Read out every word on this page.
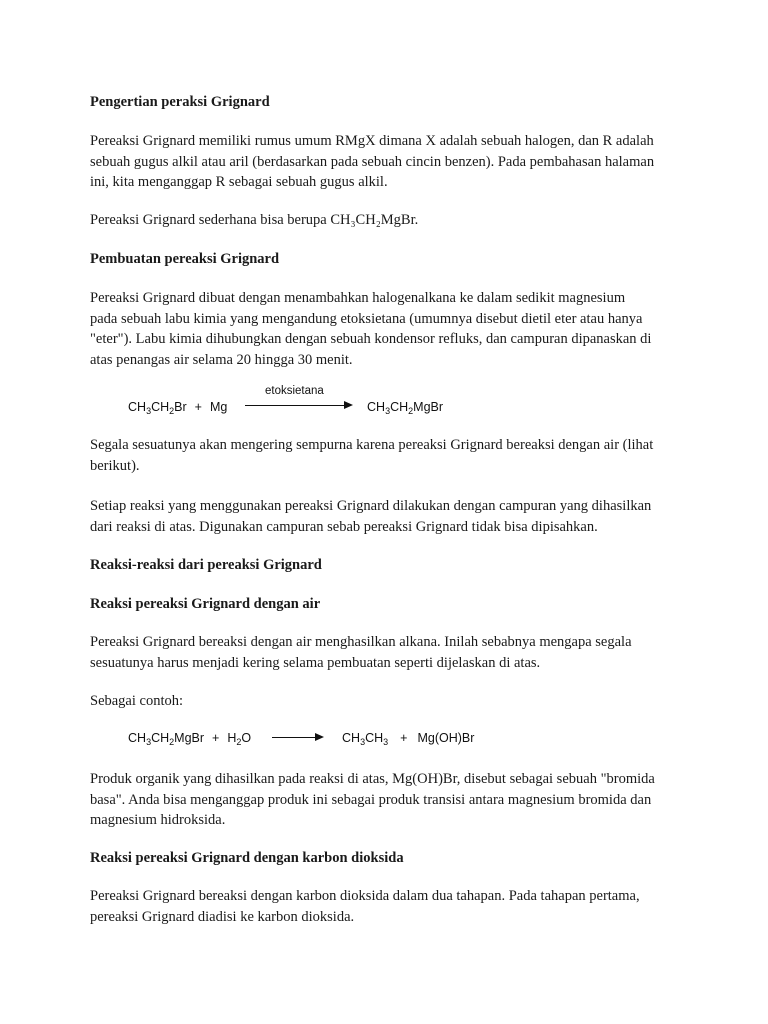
Pengertian peraksi Grignard
Pereaksi Grignard memiliki rumus umum RMgX dimana X adalah sebuah halogen, dan R adalah
sebuah gugus alkil atau aril (berdasarkan pada sebuah cincin benzen). Pada pembahasan halaman
ini, kita menganggap R sebagai sebuah gugus alkil.
Pereaksi Grignard sederhana bisa berupa CH₃CH₂MgBr.
Pembuatan pereaksi Grignard
Pereaksi Grignard dibuat dengan menambahkan halogenalkana ke dalam sedikit magnesium
pada sebuah labu kimia yang mengandung etoksietana (umumnya disebut dietil eter atau hanya
"eter"). Labu kimia dihubungkan dengan sebuah kondensor refluks, dan campuran dipanaskan di
atas penangas air selama 20 hingga 30 menit.
$CH_3CH_2Br + Mg$
etoksietana
$CH_3CH_2MgBr$
Segala sesuatunya akan mengering sempurna karena pereaksi Grignard bereaksi dengan air (lihat
berikut).
Setiap reaksi yang menggunakan pereaksi Grignard dilakukan dengan campuran yang dihasilkan
dari reaksi di atas. Digunakan campuran sebab pereaksi Grignard tidak bisa dipisahkan.
Reaksi-reaksi dari pereaksi Grignard
Reaksi pereaksi Grignard dengan air
Pereaksi Grignard bereaksi dengan air menghasilkan alkana. Inilah sebabnya mengapa segala
sesuatunya harus menjadi kering selama pembuatan seperti dijelaskan di atas.
Sebagai contoh:
$CH_3CH_2MgBr + H_2O$	$CH_3CH_3 + Mg(OH)Br$
Produk organik yang dihasilkan pada reaksi di atas, Mg(OH)Br, disebut sebagai sebuah "bromida
basa". Anda bisa menganggap produk ini sebagai produk transisi antara magnesium bromida dan
magnesium hidroksida.
Reaksi pereaksi Grignard dengan karbon dioksida
Pereaksi Grignard bereaksi dengan karbon dioksida dalam dua tahapan. Pada tahapan pertama,
pereaksi Grignard diadisi ke karbon dioksida.
